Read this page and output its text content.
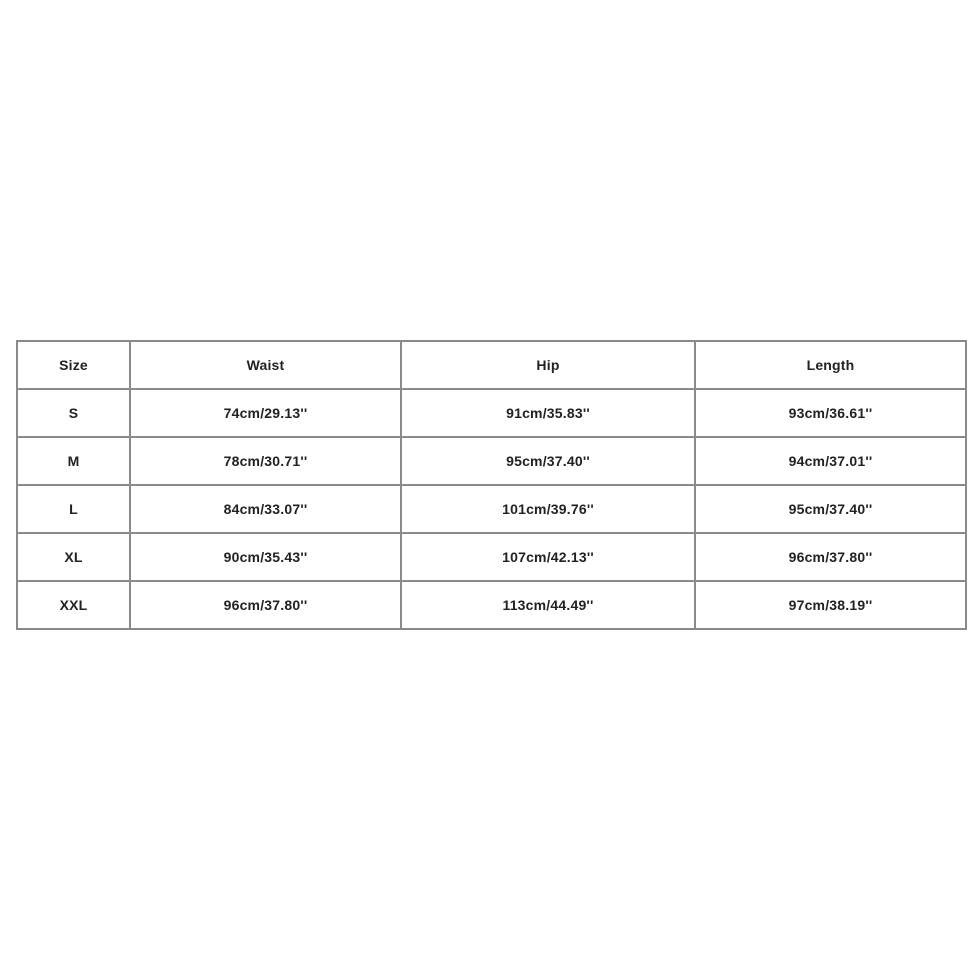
Size	Waist	Hip	Length
S	74cm/29.13''	91cm/35.83''	93cm/36.61''
M	78cm/30.71''	95cm/37.40''	94cm/37.01''
L	84cm/33.07''	101cm/39.76''	95cm/37.40''
XL	90cm/35.43''	107cm/42.13''	96cm/37.80''
XXL	96cm/37.80''	113cm/44.49''	97cm/38.19''
